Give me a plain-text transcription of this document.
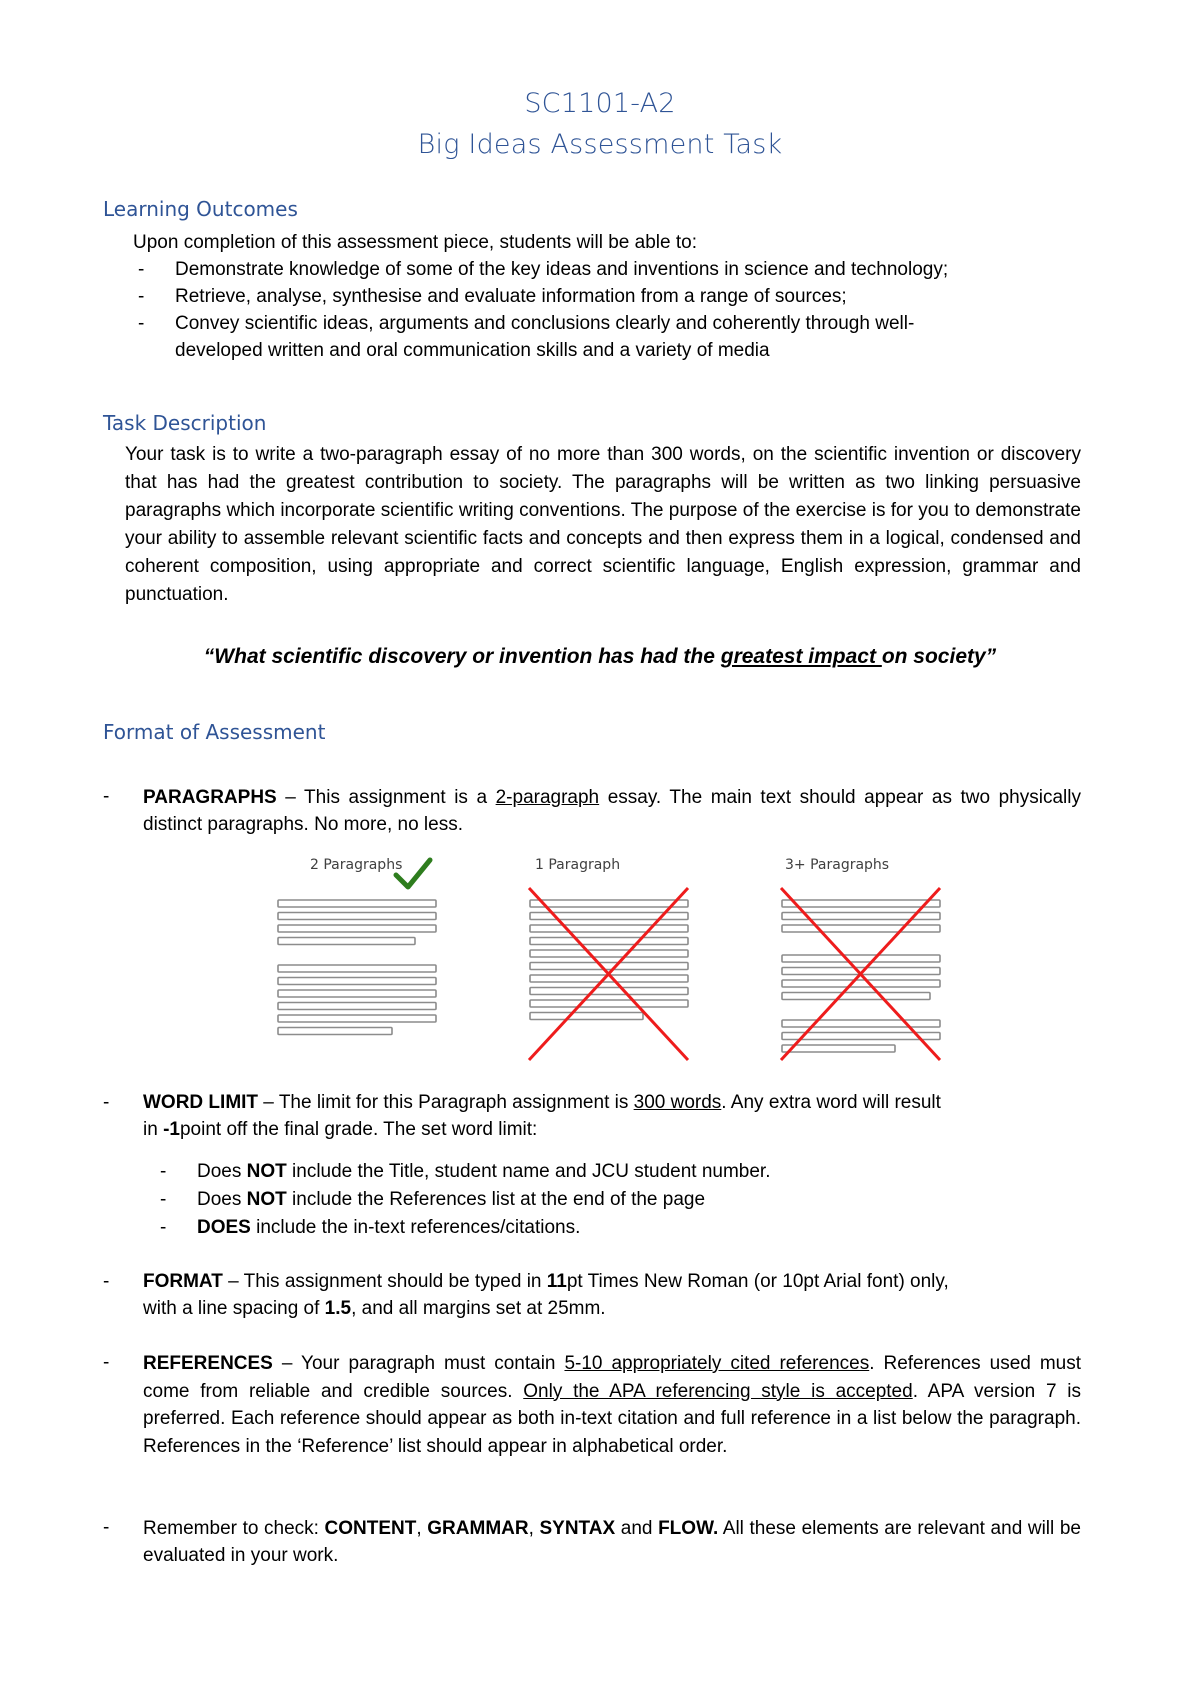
SC1101-A2
Big Ideas Assessment Task
Learning Outcomes
Upon completion of this assessment piece, students will be able to:
- Demonstrate knowledge of some of the key ideas and inventions in science and technology;
- Retrieve, analyse, synthesise and evaluate information from a range of sources;
- Convey scientific ideas, arguments and conclusions clearly and coherently through well-
developed written and oral communication skills and a variety of media
Task Description
Your task is to write a two-paragraph essay of no more than 300 words, on the scientific invention or discovery that has had the greatest contribution to society. The paragraphs will be written as two linking persuasive paragraphs which incorporate scientific writing conventions. The purpose of the exercise is for you to demonstrate your ability to assemble relevant scientific facts and concepts and then express them in a logical, condensed and coherent composition, using appropriate and correct scientific language, English expression, grammar and punctuation.
“What scientific discovery or invention has had the greatest impact on society”
Format of Assessment
- PARAGRAPHS – This assignment is a 2-paragraph essay. The main text should appear as two physically distinct paragraphs. No more, no less.
2 Paragraphs	1 Paragraph	3+ Paragraphs
- WORD LIMIT – The limit for this Paragraph assignment is 300 words. Any extra word will result
in -1point off the final grade. The set word limit:
- Does NOT include the Title, student name and JCU student number.
- Does NOT include the References list at the end of the page
- DOES include the in-text references/citations.
- FORMAT – This assignment should be typed in 11pt Times New Roman (or 10pt Arial font) only,
with a line spacing of 1.5, and all margins set at 25mm.
- REFERENCES – Your paragraph must contain 5-10 appropriately cited references. References used must come from reliable and credible sources. Only the APA referencing style is accepted. APA version 7 is preferred. Each reference should appear as both in-text citation and full reference in a list below the paragraph. References in the ‘Reference’ list should appear in alphabetical order.
- Remember to check: CONTENT, GRAMMAR, SYNTAX and FLOW. All these elements are relevant and will be evaluated in your work.
